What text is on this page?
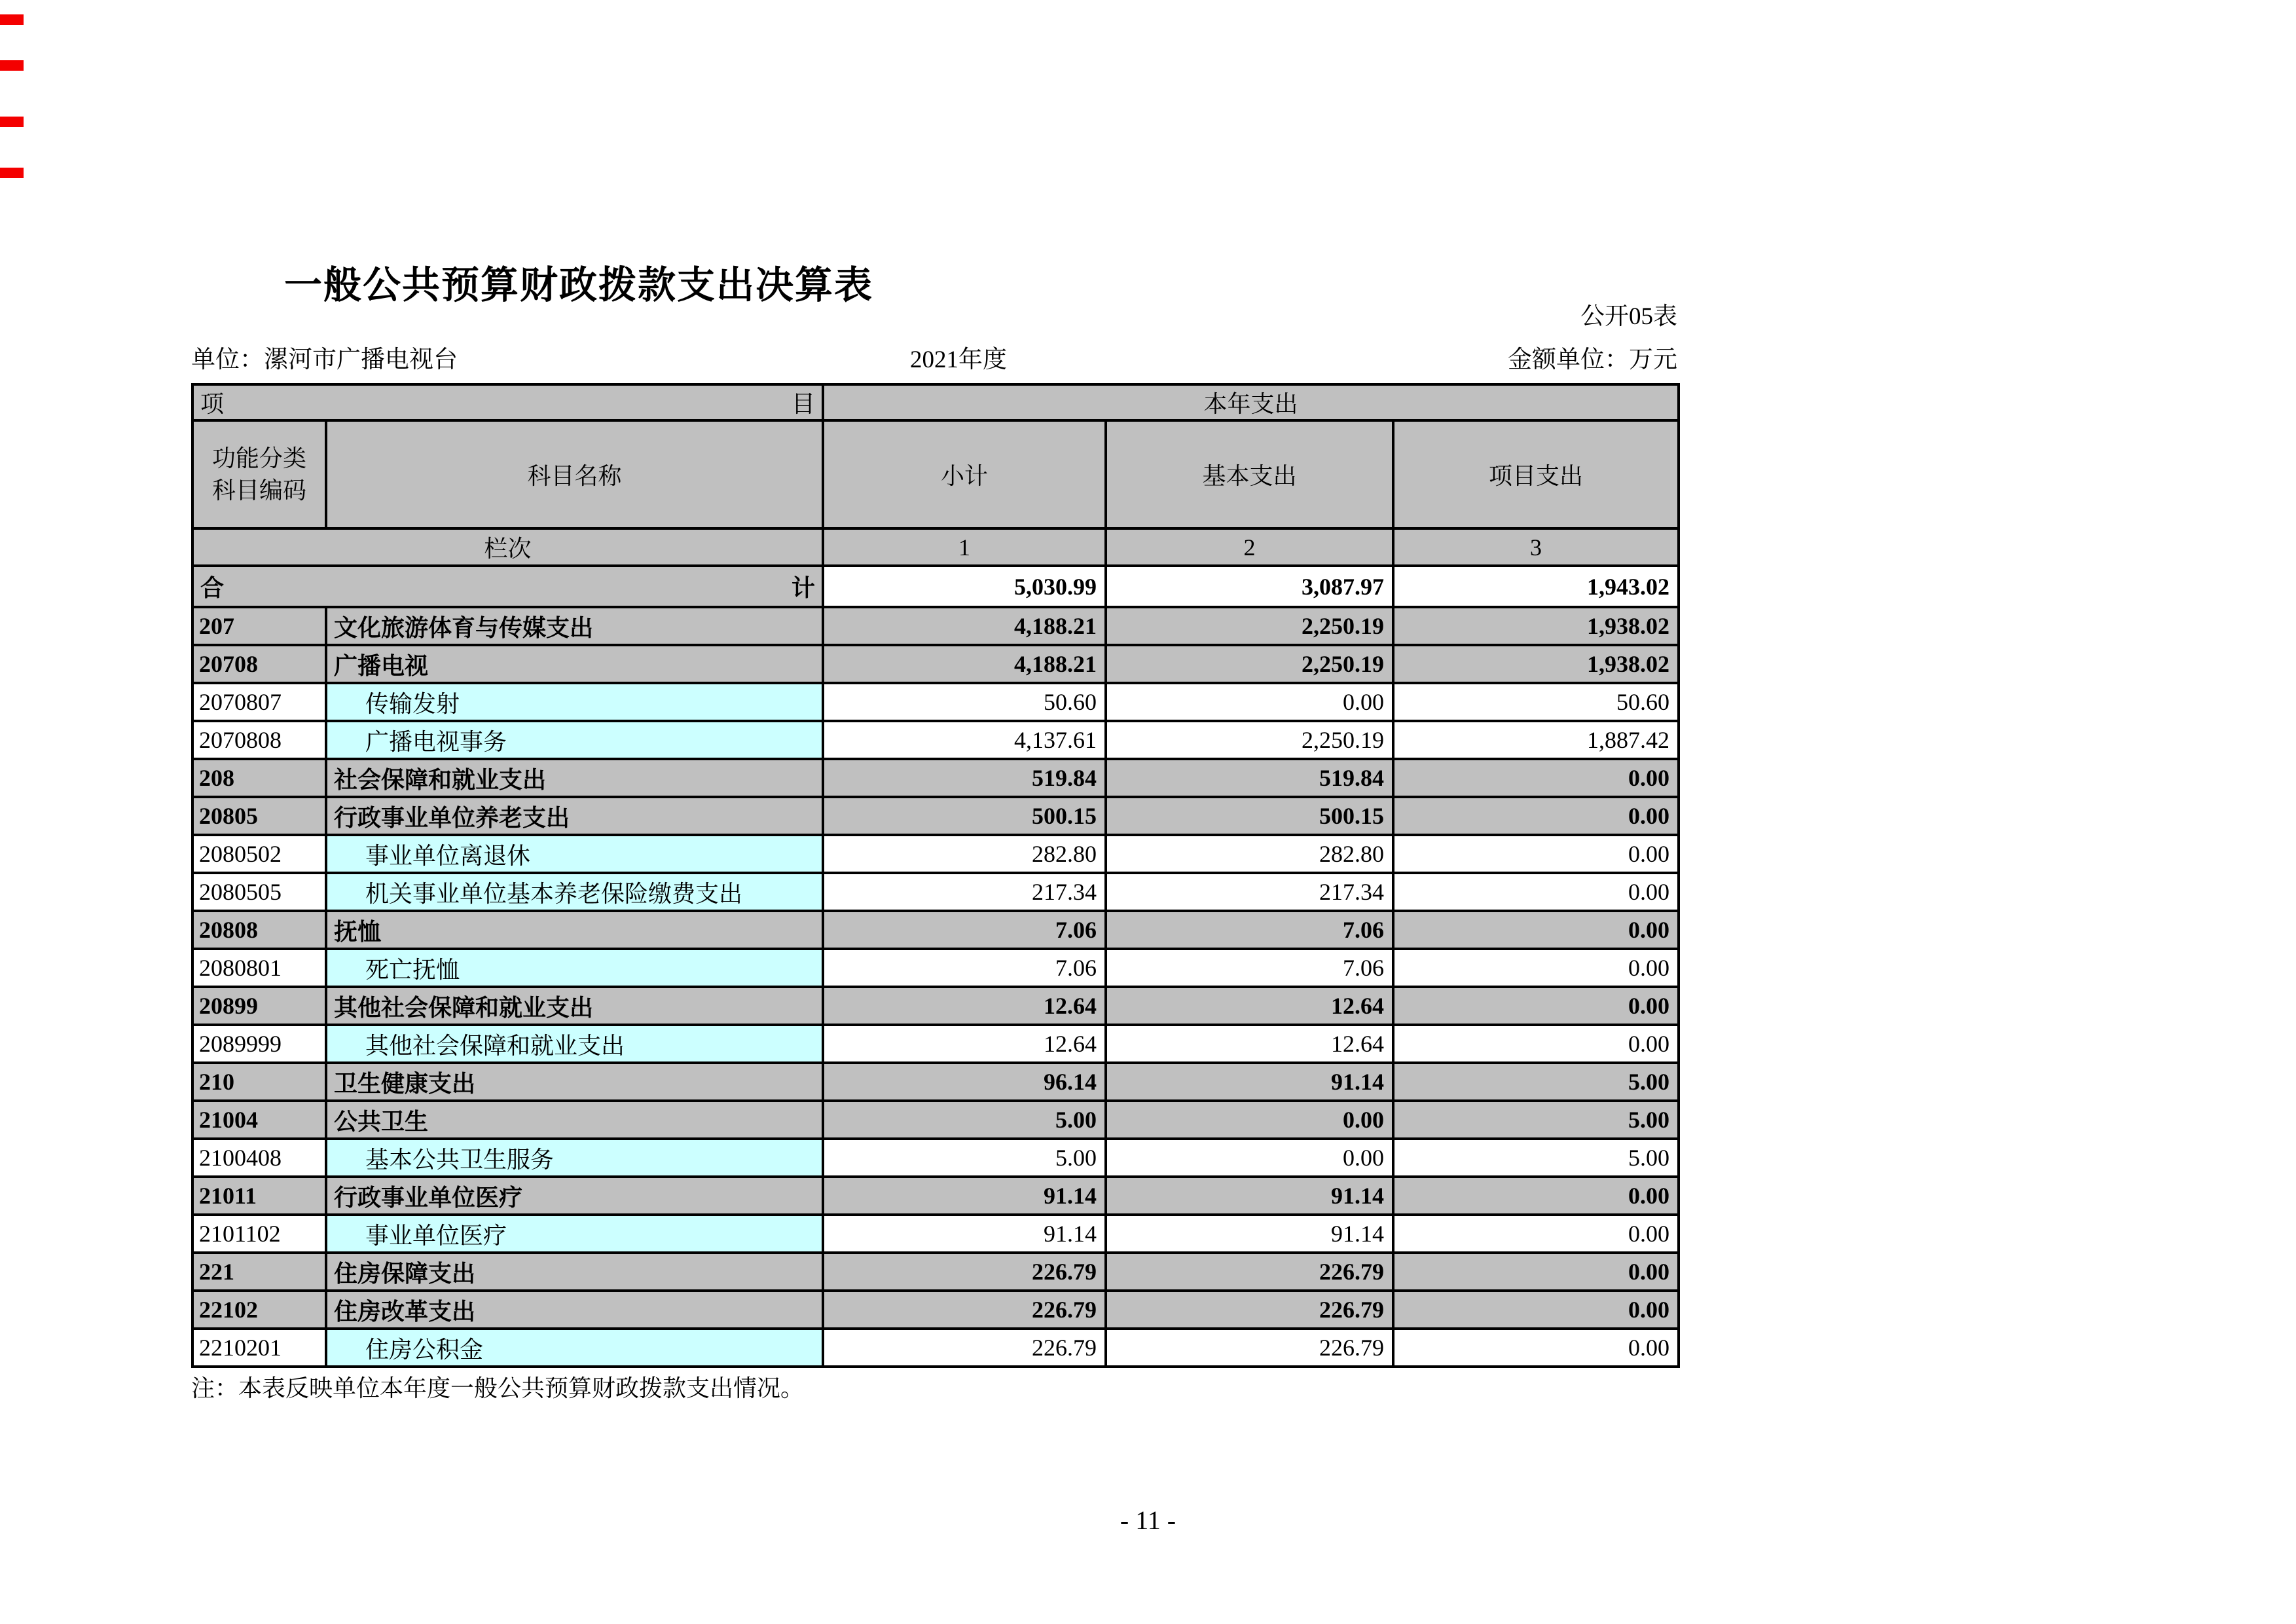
一般公共预算财政拨款支出决算表
公开05表
单位：漯河市广播电视台	2021年度	金额单位：万元
项 目		本年支出		

功能分类
科目编码	科目名称	小计	基本支出	项目支出
栏次		1	2	3

合 计		5,030.99	3,087.97	1,943.02
207	文化旅游体育与传媒支出	4,188.21	2,250.19	1,938.02
20708	广播电视	4,188.21	2,250.19	1,938.02
2070807	传输发射	50.60	0.00	50.60
2070808	广播电视事务	4,137.61	2,250.19	1,887.42
208	社会保障和就业支出	519.84	519.84	0.00
20805	行政事业单位养老支出	500.15	500.15	0.00
2080502	事业单位离退休	282.80	282.80	0.00
2080505	机关事业单位基本养老保险缴费支出	217.34	217.34	0.00
20808	抚恤	7.06	7.06	0.00
2080801	死亡抚恤	7.06	7.06	0.00
20899	其他社会保障和就业支出	12.64	12.64	0.00
2089999	其他社会保障和就业支出	12.64	12.64	0.00
210	卫生健康支出	96.14	91.14	5.00
21004	公共卫生	5.00	0.00	5.00
2100408	基本公共卫生服务	5.00	0.00	5.00
21011	行政事业单位医疗	91.14	91.14	0.00
2101102	事业单位医疗	91.14	91.14	0.00
221	住房保障支出	226.79	226.79	0.00
22102	住房改革支出	226.79	226.79	0.00
2210201	住房公积金	226.79	226.79	0.00
注：本表反映单位本年度一般公共预算财政拨款支出情况。
- 11 -
